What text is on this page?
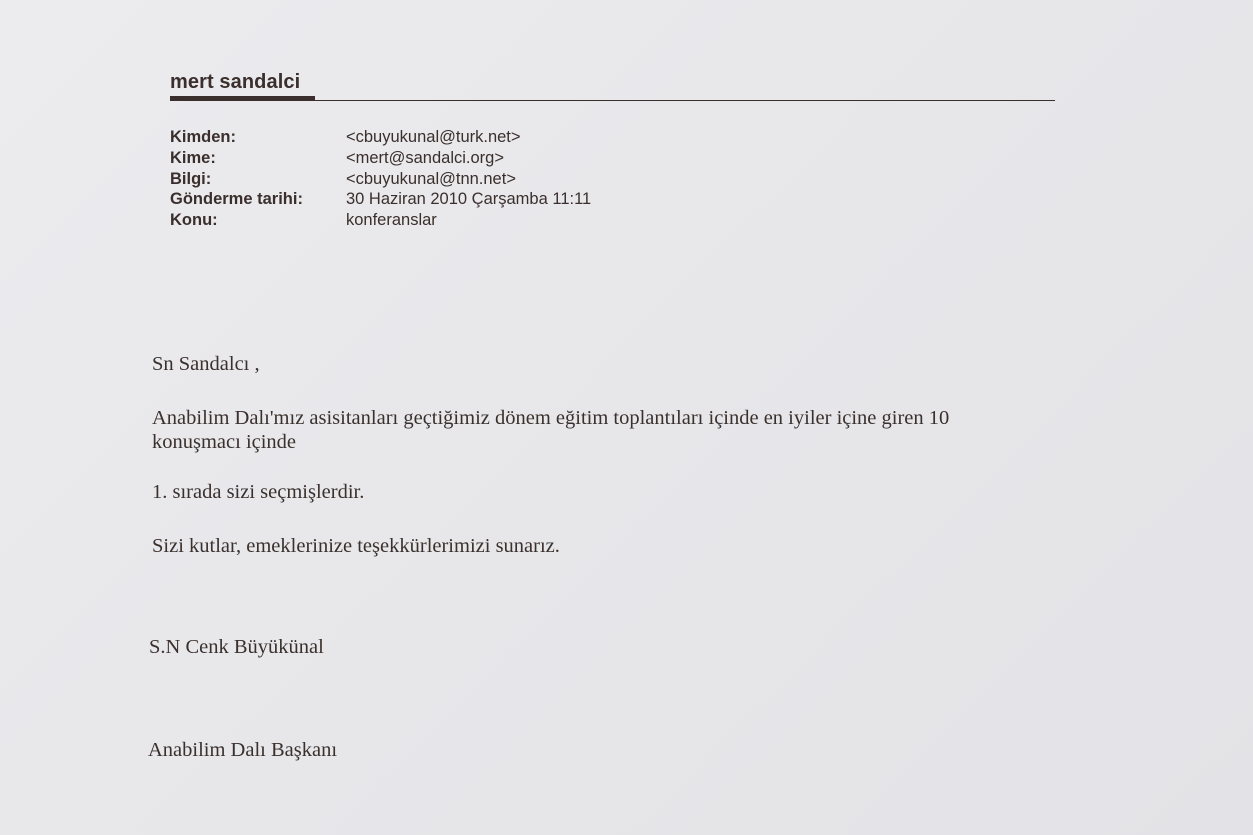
mert sandalci
Kimden:	<cbuyukunal@turk.net>
Kime:	<mert@sandalci.org>
Bilgi:	<cbuyukunal@tnn.net>
Gönderme tarihi:	30 Haziran 2010 Çarşamba 11:11
Konu:	konferanslar
Sn Sandalcı ,
Anabilim Dalı'mız asisitanları geçtiğimiz dönem eğitim toplantıları içinde en iyiler içine giren 10
konuşmacı içinde
1. sırada sizi seçmişlerdir.
Sizi kutlar, emeklerinize teşekkürlerimizi sunarız.
S.N Cenk Büyükünal
Anabilim Dalı Başkanı
